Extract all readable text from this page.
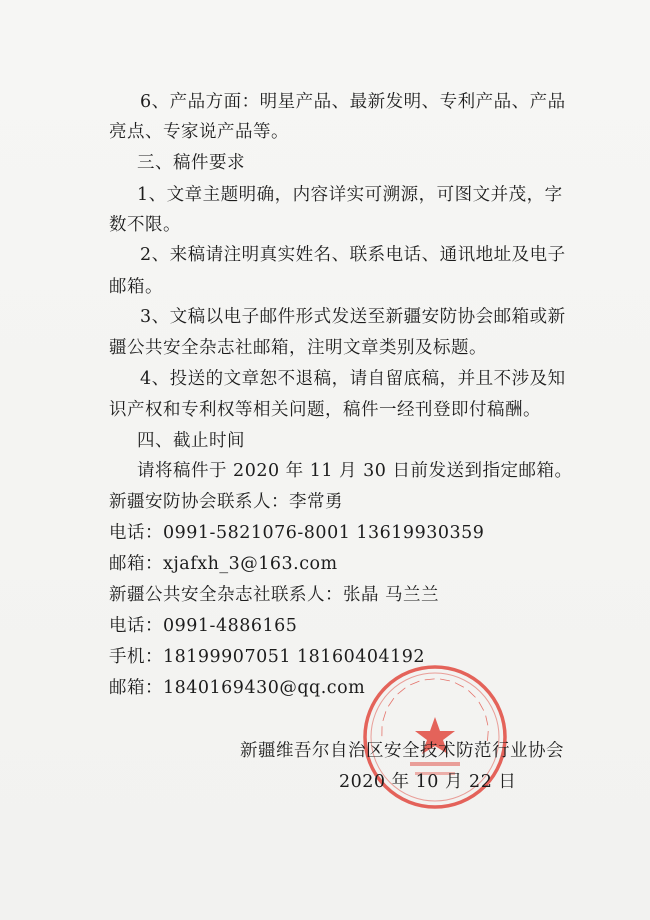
6、产品方面：明星产品、最新发明、专利产品、产品
亮点、专家说产品等。
三、稿件要求
1、文章主题明确，内容详实可溯源，可图文并茂，字
数不限。
2、来稿请注明真实姓名、联系电话、通讯地址及电子
邮箱。
3、文稿以电子邮件形式发送至新疆安防协会邮箱或新
疆公共安全杂志社邮箱，注明文章类别及标题。
4、投送的文章恕不退稿，请自留底稿，并且不涉及知
识产权和专利权等相关问题，稿件一经刊登即付稿酬。
四、截止时间
请将稿件于 2020 年 11 月 30 日前发送到指定邮箱。
新疆安防协会联系人：李常勇
电话：0991-5821076-8001 13619930359
邮箱：xjafxh_3@163.com
新疆公共安全杂志社联系人：张晶 马兰兰
电话：0991-4886165
手机：18199907051 18160404192
邮箱：1840169430@qq.com
— — — — — — — — — — — —
新疆维吾尔自治区安全技术防范行业协会
2020 年 10 月 22 日
